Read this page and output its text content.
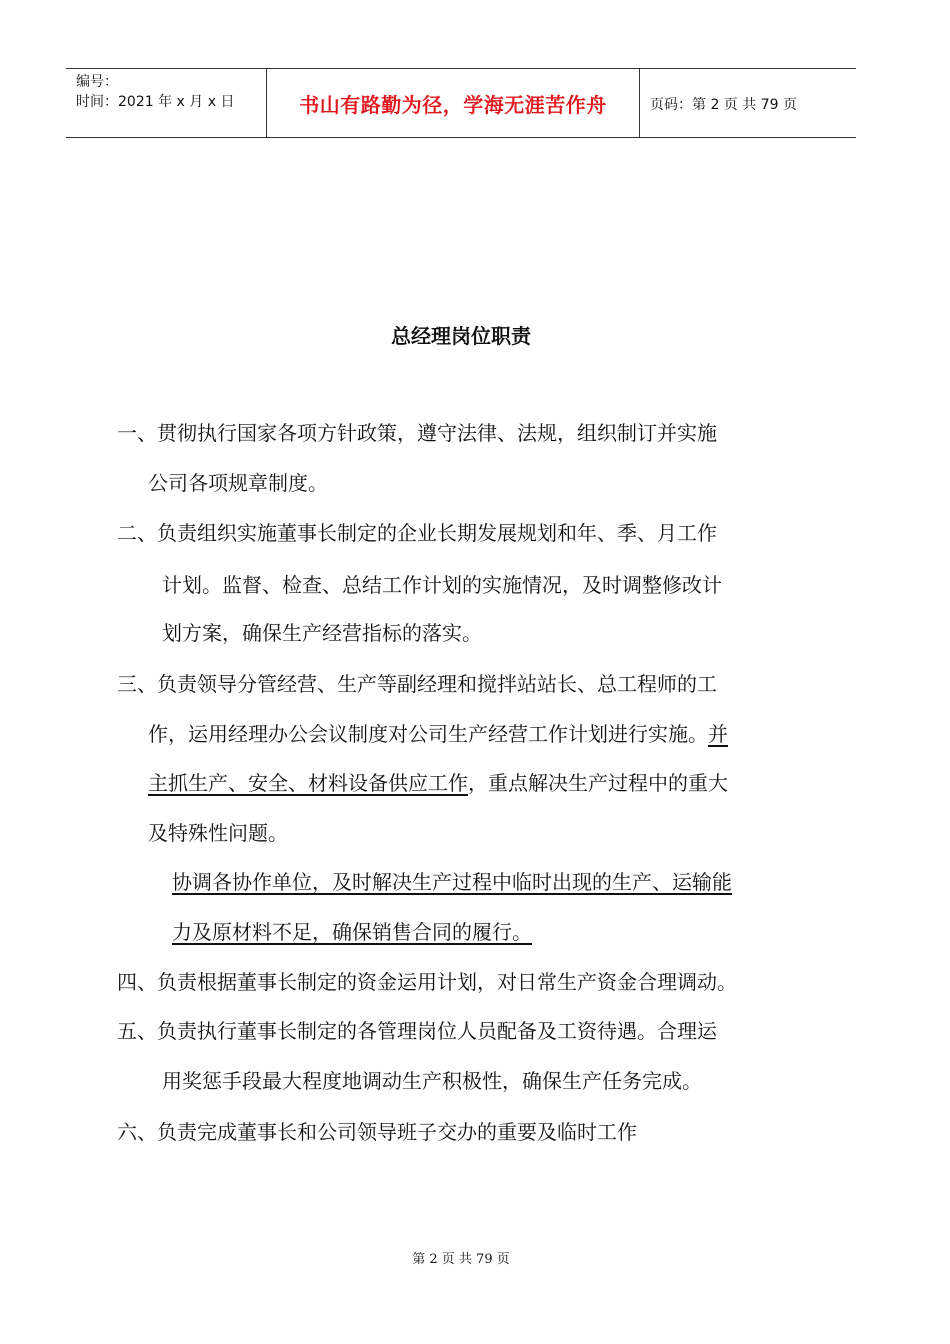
编号：
时间：2021 年 x 月 x 日	书山有路勤为径，学海无涯苦作舟	页码：第 2 页 共 79 页
总经理岗位职责
一、贯彻执行国家各项方针政策，遵守法律、法规，组织制订并实施
公司各项规章制度。
二、负责组织实施董事长制定的企业长期发展规划和年、季、月工作
计划。监督、检查、总结工作计划的实施情况，及时调整修改计
划方案，确保生产经营指标的落实。
三、负责领导分管经营、生产等副经理和搅拌站站长、总工程师的工
作，运用经理办公会议制度对公司生产经营工作计划进行实施。并
主抓生产、安全、材料设备供应工作，重点解决生产过程中的重大
及特殊性问题。
协调各协作单位，及时解决生产过程中临时出现的生产、运输能
力及原材料不足，确保销售合同的履行。
四、负责根据董事长制定的资金运用计划，对日常生产资金合理调动。
五、负责执行董事长制定的各管理岗位人员配备及工资待遇。合理运
用奖惩手段最大程度地调动生产积极性，确保生产任务完成。
六、负责完成董事长和公司领导班子交办的重要及临时工作
第 2 页 共 79 页
